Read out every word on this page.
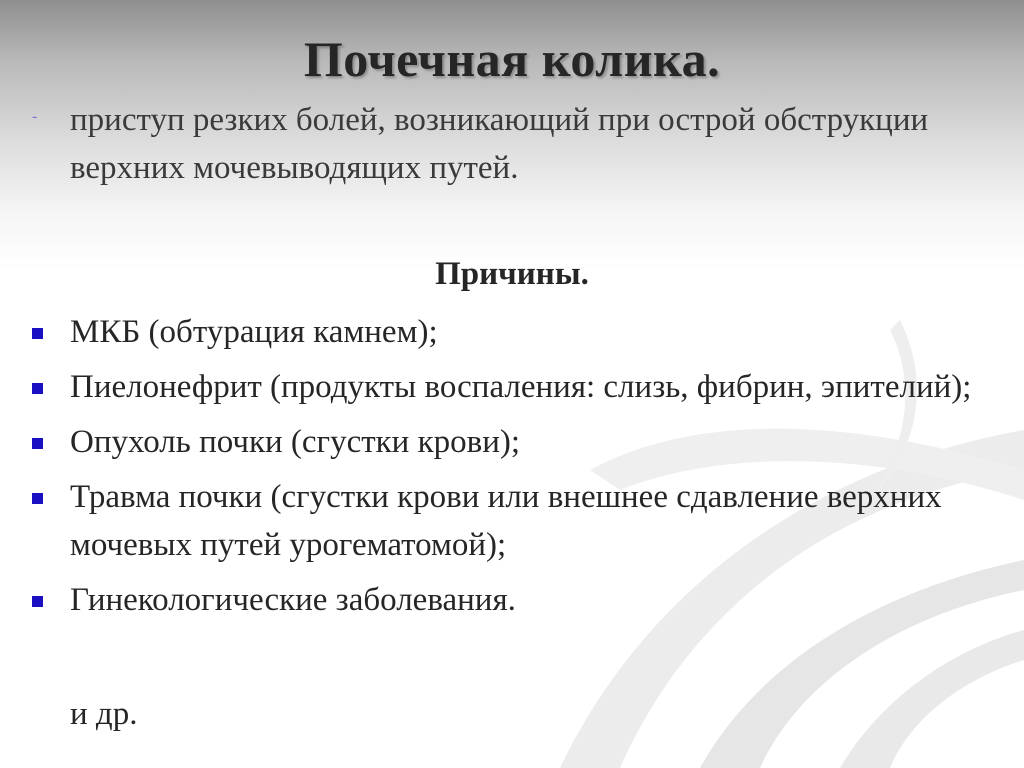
Почечная колика.
- приступ резких болей, возникающий при острой обструкции верхних мочевыводящих путей.
Причины.
МКБ (обтурация камнем);
Пиелонефрит (продукты воспаления: слизь, фибрин, эпителий);
Опухоль почки (сгустки крови);
Травма почки (сгустки крови или внешнее сдавление верхних мочевых путей урогематомой);
Гинекологические заболевания.
и др.
